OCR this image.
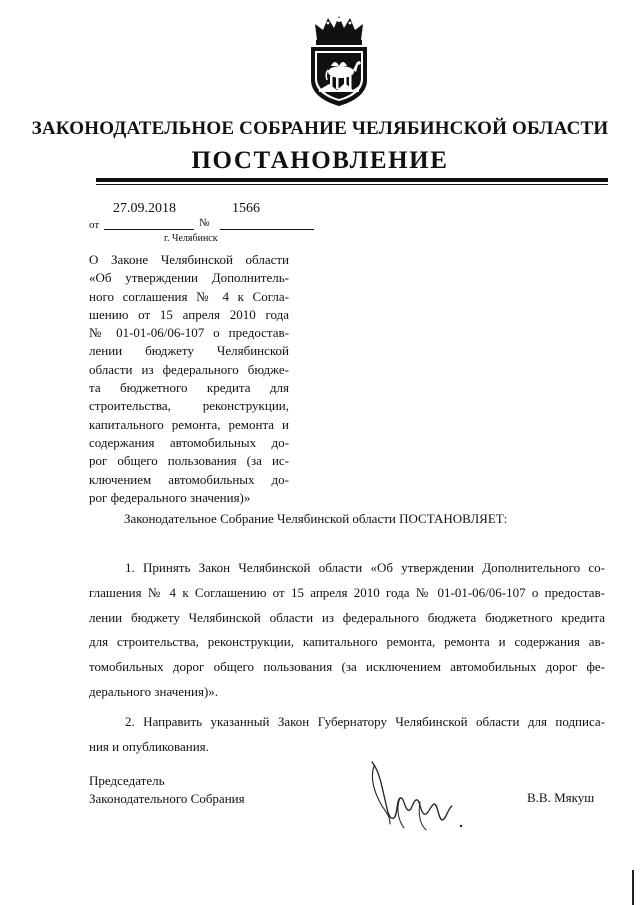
ЗАКОНОДАТЕЛЬНОЕ СОБРАНИЕ ЧЕЛЯБИНСКОЙ ОБЛАСТИ
ПОСТАНОВЛЕНИЕ
27.09.2018	1566
от	№
г. Челябинск
О Законе Челябинской области
«Об утверждении Дополнитель-
ного соглашения № 4 к Согла-
шению от 15 апреля 2010 года
№ 01-01-06/06-107 о предостав-
лении бюджету Челябинской
области из федерального бюдже-
та бюджетного кредита для
строительства, реконструкции,
капитального ремонта, ремонта и
содержания автомобильных до-
рог общего пользования (за ис-
ключением автомобильных до-
рог федерального значения)»
Законодательное Собрание Челябинской области ПОСТАНОВЛЯЕТ:
1. Принять Закон Челябинской области «Об утверждении Дополнительного со-
глашения № 4 к Соглашению от 15 апреля 2010 года № 01-01-06/06-107 о предостав-
лении бюджету Челябинской области из федерального бюджета бюджетного кредита
для строительства, реконструкции, капитального ремонта, ремонта и содержания ав-
томобильных дорог общего пользования (за исключением автомобильных дорог фе-
дерального значения)».
2. Направить указанный Закон Губернатору Челябинской области для подписа-
ния и опубликования.
Председатель
Законодательного Собрания	В.В. Мякуш
